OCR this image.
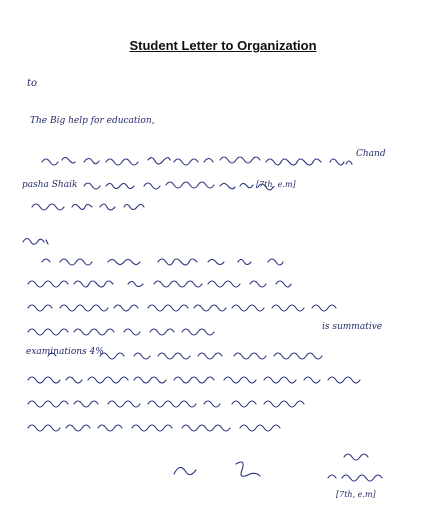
Student Letter to Organization
to
The Big help for education,
Chand
pasha Shaik	[7th, e.m]
is summative
examinations 4%
[7th, e.m]
